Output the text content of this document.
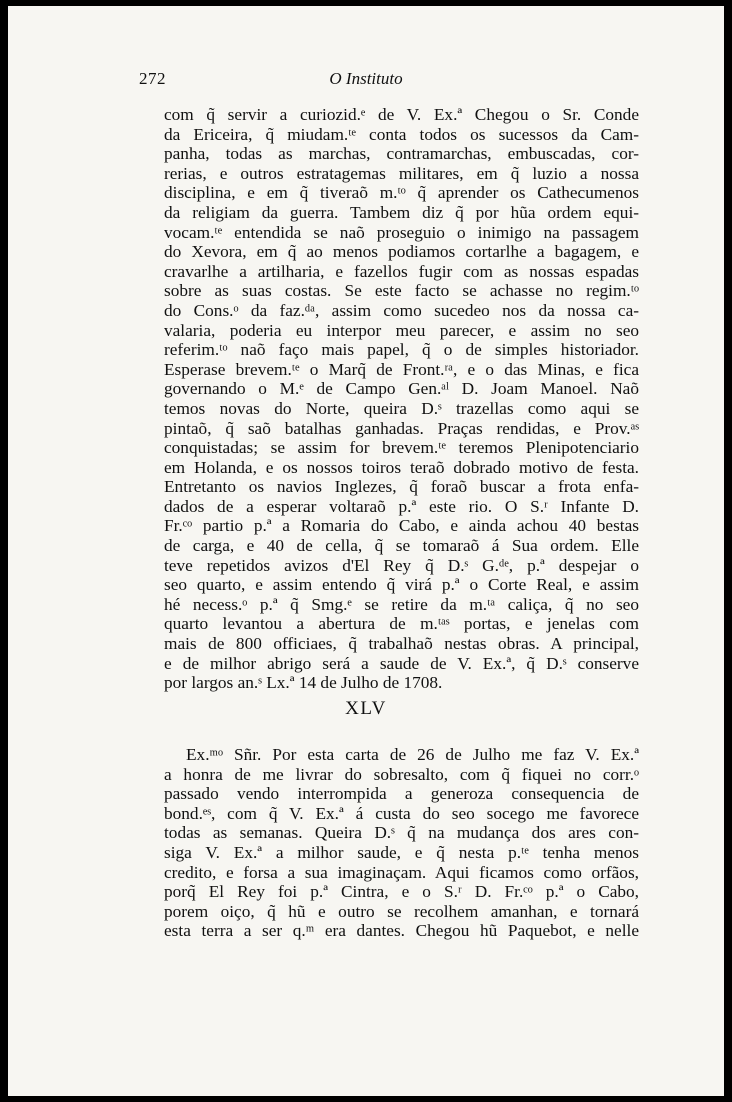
272	O Instituto
com q̃ servir a curiozid.ᵉ de V. Ex.ª Chegou o Sr. Conde
da Ericeira, q̃ miudam.ᵗᵉ conta todos os sucessos da Cam-
panha, todas as marchas, contramarchas, embuscadas, cor-
rerias, e outros estratagemas militares, em q̃ luzio a nossa
disciplina, e em q̃ tiveraõ m.ᵗᵒ q̃ aprender os Cathecumenos
da religiam da guerra. Tambem diz q̃ por hũa ordem equi-
vocam.ᵗᵉ entendida se naõ proseguio o inimigo na passagem
do Xevora, em q̃ ao menos podiamos cortarlhe a bagagem, e
cravarlhe a artilharia, e fazellos fugir com as nossas espadas
sobre as suas costas. Se este facto se achasse no regim.ᵗᵒ
do Cons.ᵒ da faz.ᵈᵃ, assim como sucedeo nos da nossa ca-
valaria, poderia eu interpor meu parecer, e assim no seo
referim.ᵗᵒ naõ faço mais papel, q̃ o de simples historiador.
Esperase brevem.ᵗᵉ o Marq̃ de Front.ʳᵃ, e o das Minas, e fica
governando o M.ᵉ de Campo Gen.ᵃˡ D. Joam Manoel. Naõ
temos novas do Norte, queira D.ˢ trazellas como aqui se
pintaõ, q̃ saõ batalhas ganhadas. Praças rendidas, e Prov.ᵃˢ
conquistadas; se assim for brevem.ᵗᵉ teremos Plenipotenciario
em Holanda, e os nossos toiros teraõ dobrado motivo de festa.
Entretanto os navios Inglezes, q̃ foraõ buscar a frota enfa-
dados de a esperar voltaraõ p.ª este rio. O S.ʳ Infante D.
Fr.ᶜᵒ partio p.ª a Romaria do Cabo, e ainda achou 40 bestas
de carga, e 40 de cella, q̃ se tomaraõ á Sua ordem. Elle
teve repetidos avizos d'El Rey q̃ D.ˢ G.ᵈᵉ, p.ª despejar o
seo quarto, e assim entendo q̃ virá p.ª o Corte Real, e assim
hé necess.ᵒ p.ª q̃ Smg.ᵉ se retire da m.ᵗᵃ caliça, q̃ no seo
quarto levantou a abertura de m.ᵗᵃˢ portas, e jenelas com
mais de 800 officiaes, q̃ trabalhaõ nestas obras. A principal,
e de milhor abrigo será a saude de V. Ex.ª, q̃ D.ˢ conserve
por largos an.ˢ Lx.ª 14 de Julho de 1708.
XLV
Ex.ᵐᵒ Sñr. Por esta carta de 26 de Julho me faz V. Ex.ª
a honra de me livrar do sobresalto, com q̃ fiquei no corr.ᵒ
passado vendo interrompida a generoza consequencia de
bond.ᵉˢ, com q̃ V. Ex.ª á custa do seo socego me favorece
todas as semanas. Queira D.ˢ q̃ na mudança dos ares con-
siga V. Ex.ª a milhor saude, e q̃ nesta p.ᵗᵉ tenha menos
credito, e forsa a sua imaginaçam. Aqui ficamos como orfãos,
porq̃ El Rey foi p.ª Cintra, e o S.ʳ D. Fr.ᶜᵒ p.ª o Cabo,
porem oiço, q̃ hũ e outro se recolhem amanhan, e tornará
esta terra a ser q.ᵐ era dantes. Chegou hũ Paquebot, e nelle
